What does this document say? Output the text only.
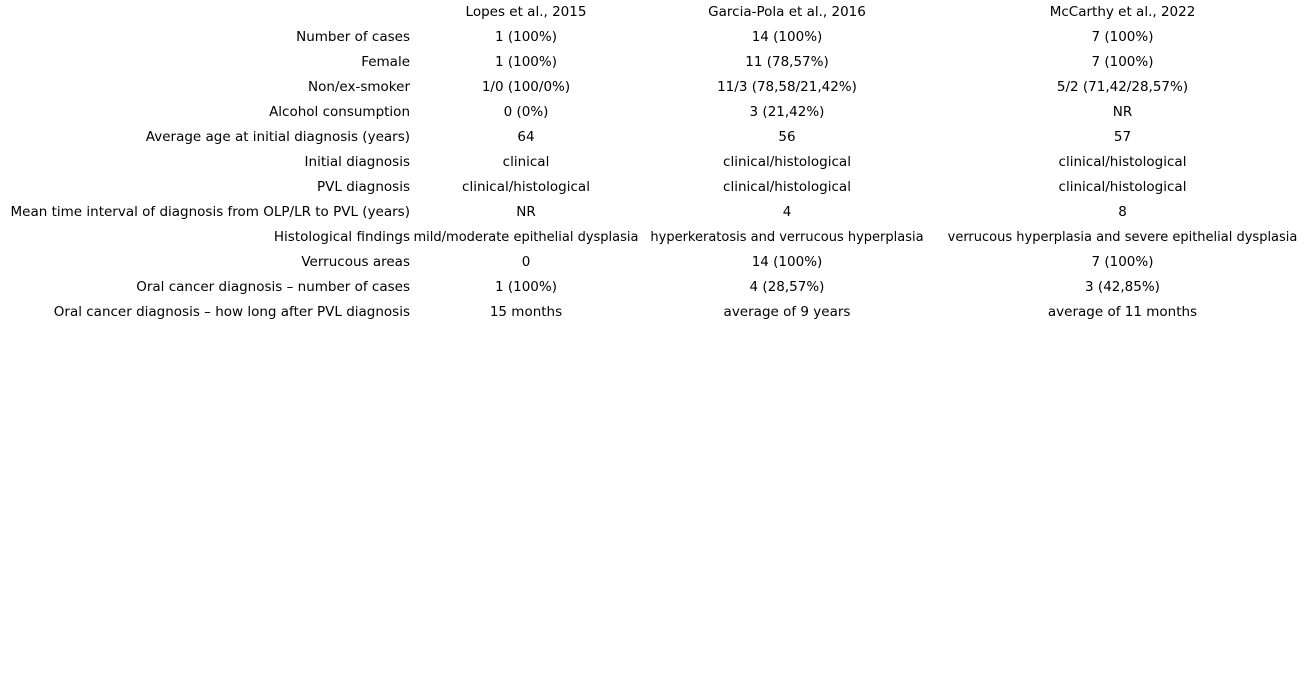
	Lopes et al., 2015	Garcia-Pola et al., 2016	McCarthy et al., 2022
Number of cases	1 (100%)	14 (100%)	7 (100%)
Female	1 (100%)	11 (78,57%)	7 (100%)
Non/ex-smoker	1/0 (100/0%)	11/3 (78,58/21,42%)	5/2 (71,42/28,57%)
Alcohol consumption	0 (0%)	3 (21,42%)	NR
Average age at initial diagnosis (years)	64	56	57
Initial diagnosis	clinical	clinical/histological	clinical/histological
PVL diagnosis	clinical/histological	clinical/histological	clinical/histological
Mean time interval of diagnosis from OLP/LR to PVL (years)	NR	4	8
Histological findings	mild/moderate epithelial dysplasia	hyperkeratosis and verrucous hyperplasia	verrucous hyperplasia and severe epithelial dysplasia
Verrucous areas	0	14 (100%)	7 (100%)
Oral cancer diagnosis – number of cases	1 (100%)	4 (28,57%)	3 (42,85%)
Oral cancer diagnosis – how long after PVL diagnosis	15 months	average of 9 years	average of 11 months
